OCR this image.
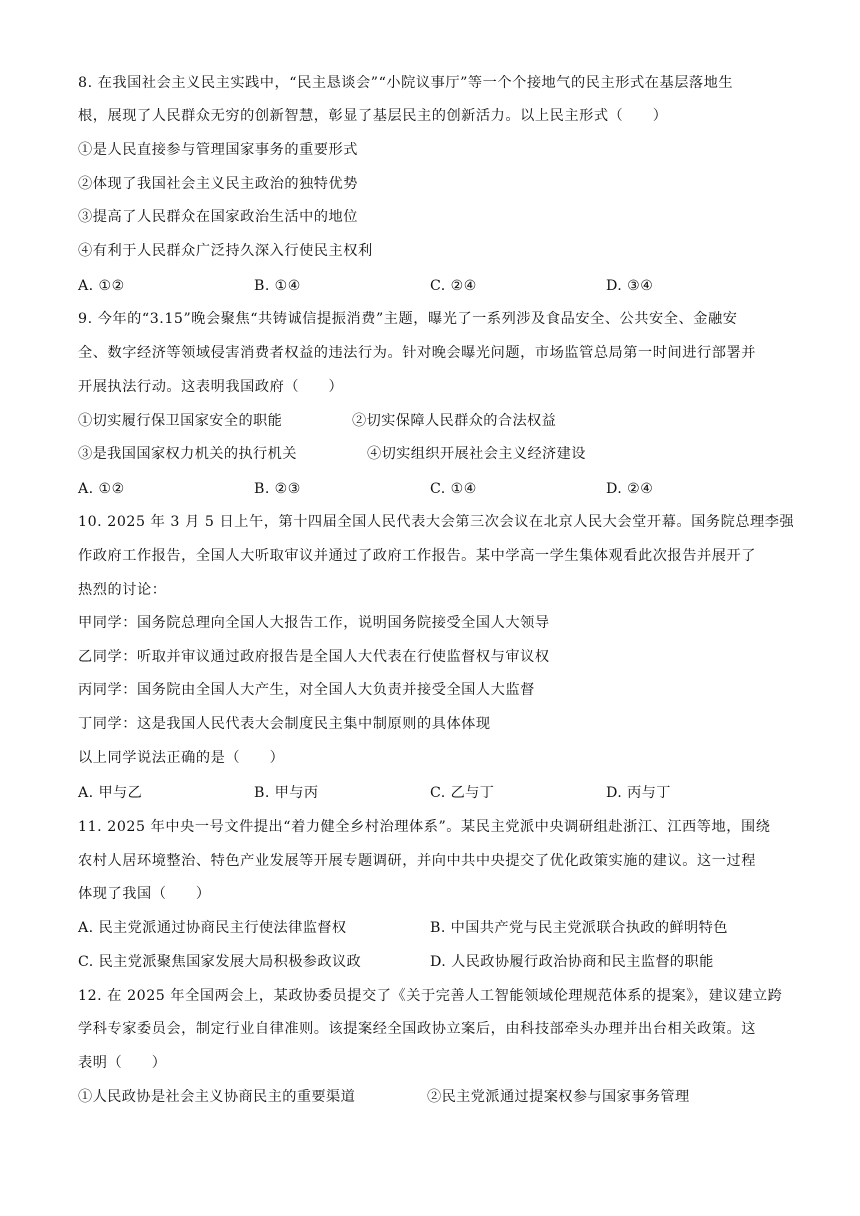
8. 在我国社会主义民主实践中，“民主恳谈会”“小院议事厅”等一个个接地气的民主形式在基层落地生
根，展现了人民群众无穷的创新智慧，彰显了基层民主的创新活力。以上民主形式（　　）
①是人民直接参与管理国家事务的重要形式
②体现了我国社会主义民主政治的独特优势
③提高了人民群众在国家政治生活中的地位
④有利于人民群众广泛持久深入行使民主权利
A. ①②	B. ①④	C. ②④	D. ③④
9. 今年的“3.15”晚会聚焦“共铸诚信提振消费”主题，曝光了一系列涉及食品安全、公共安全、金融安
全、数字经济等领域侵害消费者权益的违法行为。针对晚会曝光问题，市场监管总局第一时间进行部署并
开展执法行动。这表明我国政府（　　）
①切实履行保卫国家安全的职能	②切实保障人民群众的合法权益
③是我国国家权力机关的执行机关	④切实组织开展社会主义经济建设
A. ①②	B. ②③	C. ①④	D. ②④
10. 2025 年 3 月 5 日上午，第十四届全国人民代表大会第三次会议在北京人民大会堂开幕。国务院总理李强
作政府工作报告，全国人大听取审议并通过了政府工作报告。某中学高一学生集体观看此次报告并展开了
热烈的讨论：
甲同学：国务院总理向全国人大报告工作，说明国务院接受全国人大领导
乙同学：听取并审议通过政府报告是全国人大代表在行使监督权与审议权
丙同学：国务院由全国人大产生，对全国人大负责并接受全国人大监督
丁同学：这是我国人民代表大会制度民主集中制原则的具体体现
以上同学说法正确的是（　　）
A. 甲与乙	B. 甲与丙	C. 乙与丁	D. 丙与丁
11. 2025 年中央一号文件提出“着力健全乡村治理体系”。某民主党派中央调研组赴浙江、江西等地，围绕
农村人居环境整治、特色产业发展等开展专题调研，并向中共中央提交了优化政策实施的建议。这一过程
体现了我国（　　）
A. 民主党派通过协商民主行使法律监督权	B. 中国共产党与民主党派联合执政的鲜明特色
C. 民主党派聚焦国家发展大局积极参政议政	D. 人民政协履行政治协商和民主监督的职能
12. 在 2025 年全国两会上，某政协委员提交了《关于完善人工智能领域伦理规范体系的提案》，建议建立跨
学科专家委员会，制定行业自律准则。该提案经全国政协立案后，由科技部牵头办理并出台相关政策。这
表明（　　）
①人民政协是社会主义协商民主的重要渠道	②民主党派通过提案权参与国家事务管理
